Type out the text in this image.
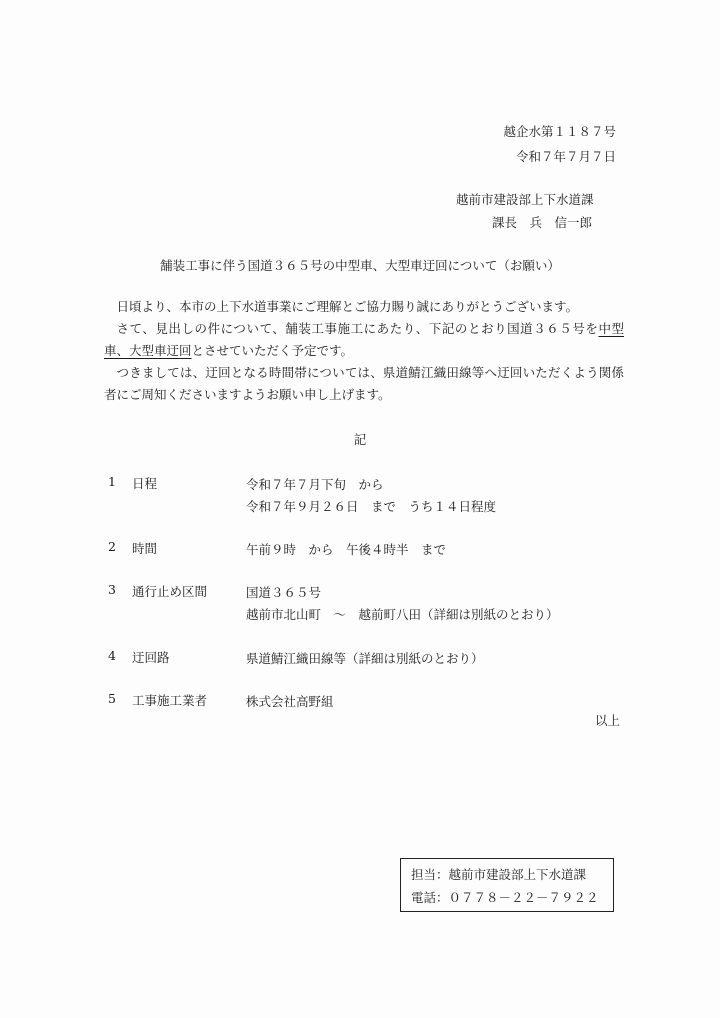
越企水第１１８７号
令和７年７月７日
越前市建設部上下水道課
課長　兵　信一郎
舗装工事に伴う国道３６５号の中型車、大型車迂回について（お願い）

日頃より、本市の上下水道事業にご理解とご協力賜り誠にありがとうございます。

さて、見出しの件について、舗装工事施工にあたり、下記のとおり国道３６５号を中型車、大型車迂回とさせていただく予定です。

つきましては、迂回となる時間帯については、県道鯖江織田線等へ迂回いただくよう関係者にご周知くださいますようお願い申し上げます。

記
1 日程	令和７年７月下旬　から
令和７年９月２６日　まで　うち１４日程度
2 時間	午前９時　から　午後４時半　まで
3 通行止め区間	国道３６５号
越前市北山町　～　越前町八田（詳細は別紙のとおり）
4 迂回路	県道鯖江織田線等（詳細は別紙のとおり）
5 工事施工業者	株式会社高野組
以上
担当：越前市建設部上下水道課
電話：０７７８－２２－７９２２
